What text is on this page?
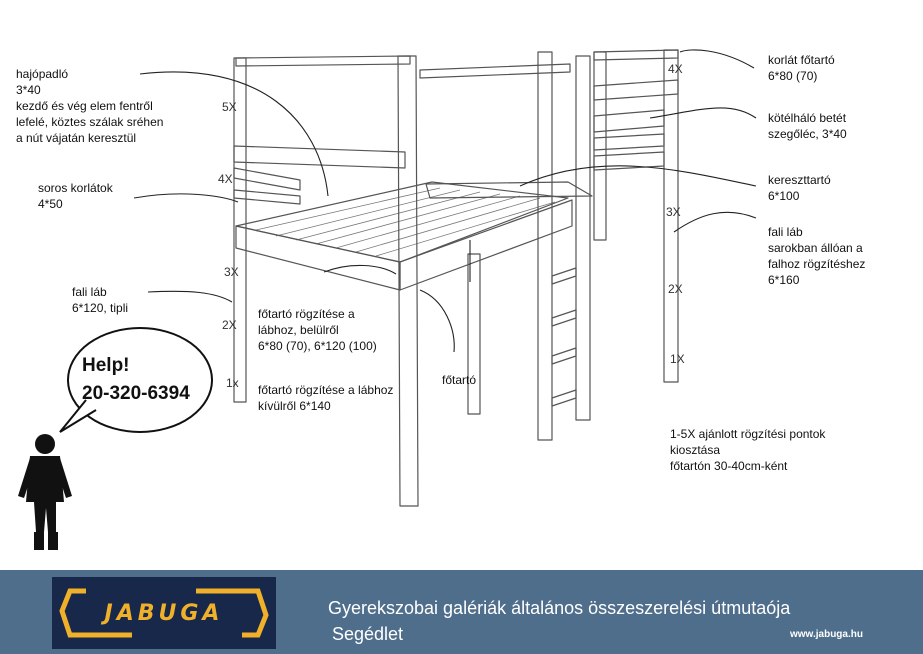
hajópadló
3*40
kezdő és vég elem fentről
lefelé, köztes szálak sréhen
a nút vájatán keresztül

soros korlátok
4*50

fali láb
6*120, tipli	főtartó rögzítése a
lábhoz, belülről
6*80 (70), 6*120 (100)

főtartó rögzítése a lábhoz
kívülről 6*140

főtartó

korlát főtartó
6*80 (70)

kötélháló betét
szegőléc, 3*40

kereszttartó
6*100

fali láb
sarokban állóan a
falhoz rögzítéshez
6*160

1-5X ajánlott rögzítési pontok
kiosztása
főtartón 30-40cm-ként

5X
4X
3X
2X
1x
4X
3X
2X
1X
Help!
20-320-6394
JABUGA	Gyerekszobai galériák általános összeszerelési útmutaója
Segédlet	www.jabuga.hu
